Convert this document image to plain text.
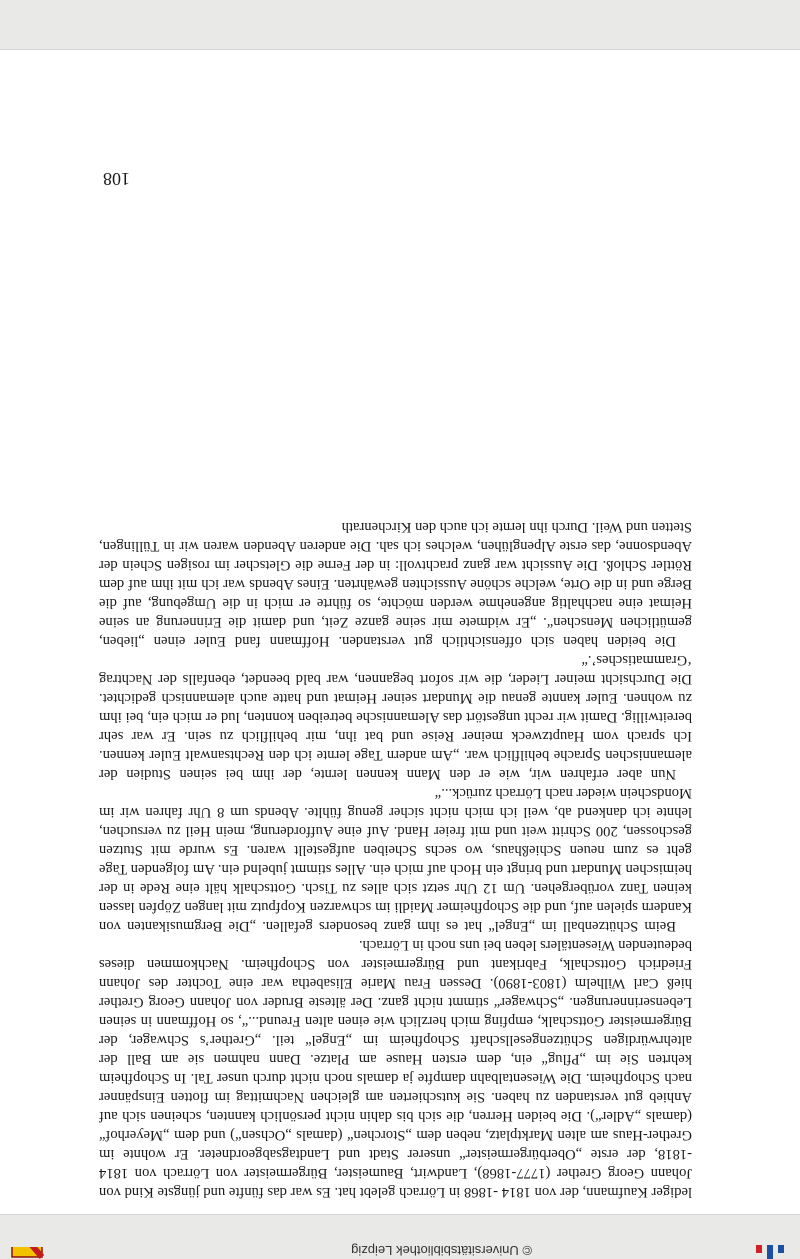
© Universitätsbibliothek Leipzig

lediger Kaufmann, der von 1814 -1868 in Lörrach gelebt hat. Es war das fünfte und jüngste Kind von Johann Georg Grether (1777-1868), Landwirt, Baumeister, Bürgermeister von Lörrach von 1814 -1818, der erste „Oberbürgermeister“ unserer Stadt und Landtagsabgeordneter. Er wohnte im Grether-Haus am alten Marktplatz, neben dem „Storchen“ (damals „Ochsen“) und dem „Meyerhof“ (damals „Adler“). Die beiden Herren, die sich bis dahin nicht persönlich kannten, scheinen sich auf Anhieb gut verstanden zu haben. Sie kutschierten am gleichen Nachmittag im flotten Einspänner nach Schopfheim. Die Wiesentalbahn dampfte ja damals noch nicht durch unser Tal. In Schopfheim kehrten Sie im „Pflug“ ein, dem ersten Hause am Platze. Dann nahmen sie am Ball der altehrwürdigen Schützengesellschaft Schopfheim im „Engel“ teil. „Grether’s Schwager, der Bürgermeister Gottschalk, empfing mich herzlich wie einen alten Freund...“, so Hoffmann in seinen Lebenserinnerungen. „Schwager“ stimmt nicht ganz. Der älteste Bruder von Johann Georg Grether hieß Carl Wilhelm (1803-1890). Dessen Frau Marie Elisabetha war eine Tochter des Johann Friedrich Gottschalk, Fabrikant und Bürgermeister von Schopfheim. Nachkommen dieses bedeutenden Wiesentälers leben bei uns noch in Lörrach.

Beim Schützenball im „Engel“ hat es ihm ganz besonders gefallen. „Die Bergmusikanten von Kandern spielen auf, und die Schopfheimer Maidli im schwarzen Kopfputz mit langen Zöpfen lassen keinen Tanz vorübergehen. Um 12 Uhr setzt sich alles zu Tisch. Gottschalk hält eine Rede in der heimischen Mundart und bringt ein Hoch auf mich ein. Alles stimmt jubelnd ein. Am folgenden Tage geht es zum neuen Schießhaus, wo sechs Scheiben aufgestellt waren. Es wurde mit Stutzen geschossen, 200 Schritt weit und mit freier Hand. Auf eine Aufforderung, mein Heil zu versuchen, lehnte ich dankend ab, weil ich mich nicht sicher genug fühlte. Abends um 8 Uhr fahren wir im Mondschein wieder nach Lörrach zurück...“

Nun aber erfahren wir, wie er den Mann kennen lernte, der ihm bei seinen Studien der alemannischen Sprache behilflich war. „Am andern Tage lernte ich den Rechtsanwalt Euler kennen. Ich sprach vom Hauptzweck meiner Reise und bat ihn, mir behilflich zu sein. Er war sehr bereitwillig. Damit wir recht ungestört das Alemannische betreiben konnten, lud er mich ein, bei ihm zu wohnen. Euler kannte genau die Mundart seiner Heimat und hatte auch alemannisch gedichtet. Die Durchsicht meiner Lieder, die wir sofort begannen, war bald beendet, ebenfalls der Nachtrag ‘Grammatisches’.“

Die beiden haben sich offensichtlich gut verstanden. Hoffmann fand Euler einen „lieben, gemütlichen Menschen“. „Er widmete mir seine ganze Zeit, und damit die Erinnerung an seine Heimat eine nachhaltig angenehme werden möchte, so führte er mich in die Umgebung, auf die Berge und in die Orte, welche schöne Aussichten gewährten. Eines Abends war ich mit ihm auf dem Röttler Schloß. Die Aussicht war ganz prachtvoll: in der Ferne die Gletscher im rosigen Schein der Abendsonne, das erste Alpenglühen, welches ich sah. Die anderen Abenden waren wir in Tüllingen, Stetten und Weil. Durch ihn lernte ich auch den Kirchenrath

108
